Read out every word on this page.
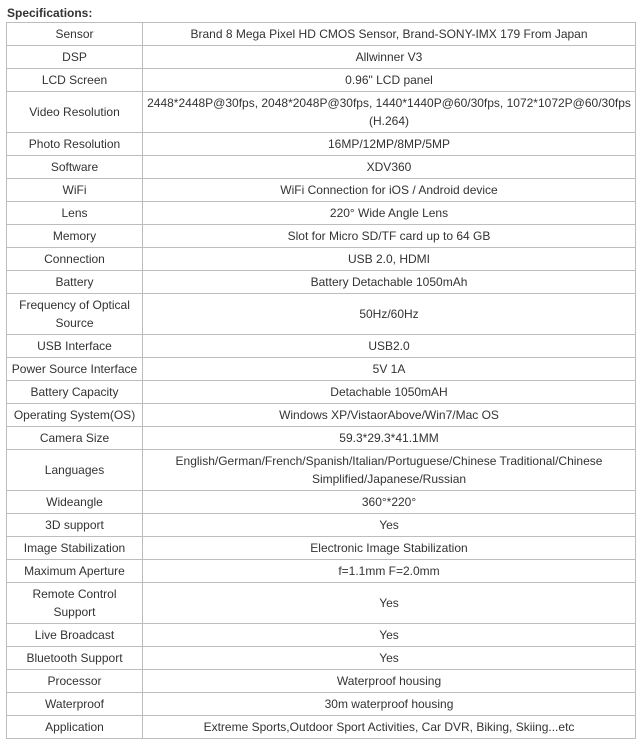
Specifications:
Sensor	Brand 8 Mega Pixel HD CMOS Sensor, Brand-SONY-IMX 179 From Japan
DSP	Allwinner V3
LCD Screen	0.96" LCD panel
Video Resolution	2448*2448P@30fps, 2048*2048P@30fps, 1440*1440P@60/30fps, 1072*1072P@60/30fps (H.264)
Photo Resolution	16MP/12MP/8MP/5MP
Software	XDV360
WiFi	WiFi Connection for iOS / Android device
Lens	220° Wide Angle Lens
Memory	Slot for Micro SD/TF card up to 64 GB
Connection	USB 2.0, HDMI
Battery	Battery Detachable 1050mAh
Frequency of Optical Source	50Hz/60Hz
USB Interface	USB2.0
Power Source Interface	5V 1A
Battery Capacity	Detachable 1050mAH
Operating System(OS)	Windows XP/VistaorAbove/Win7/Mac OS
Camera Size	59.3*29.3*41.1MM
Languages	English/German/French/Spanish/Italian/Portuguese/Chinese Traditional/Chinese Simplified/Japanese/Russian
Wideangle	360°*220°
3D support	Yes
Image Stabilization	Electronic Image Stabilization
Maximum Aperture	f=1.1mm F=2.0mm
Remote Control Support	Yes
Live Broadcast	Yes
Bluetooth Support	Yes
Processor	Waterproof housing
Waterproof	30m waterproof housing
Application	Extreme Sports,Outdoor Sport Activities, Car DVR, Biking, Skiing...etc
